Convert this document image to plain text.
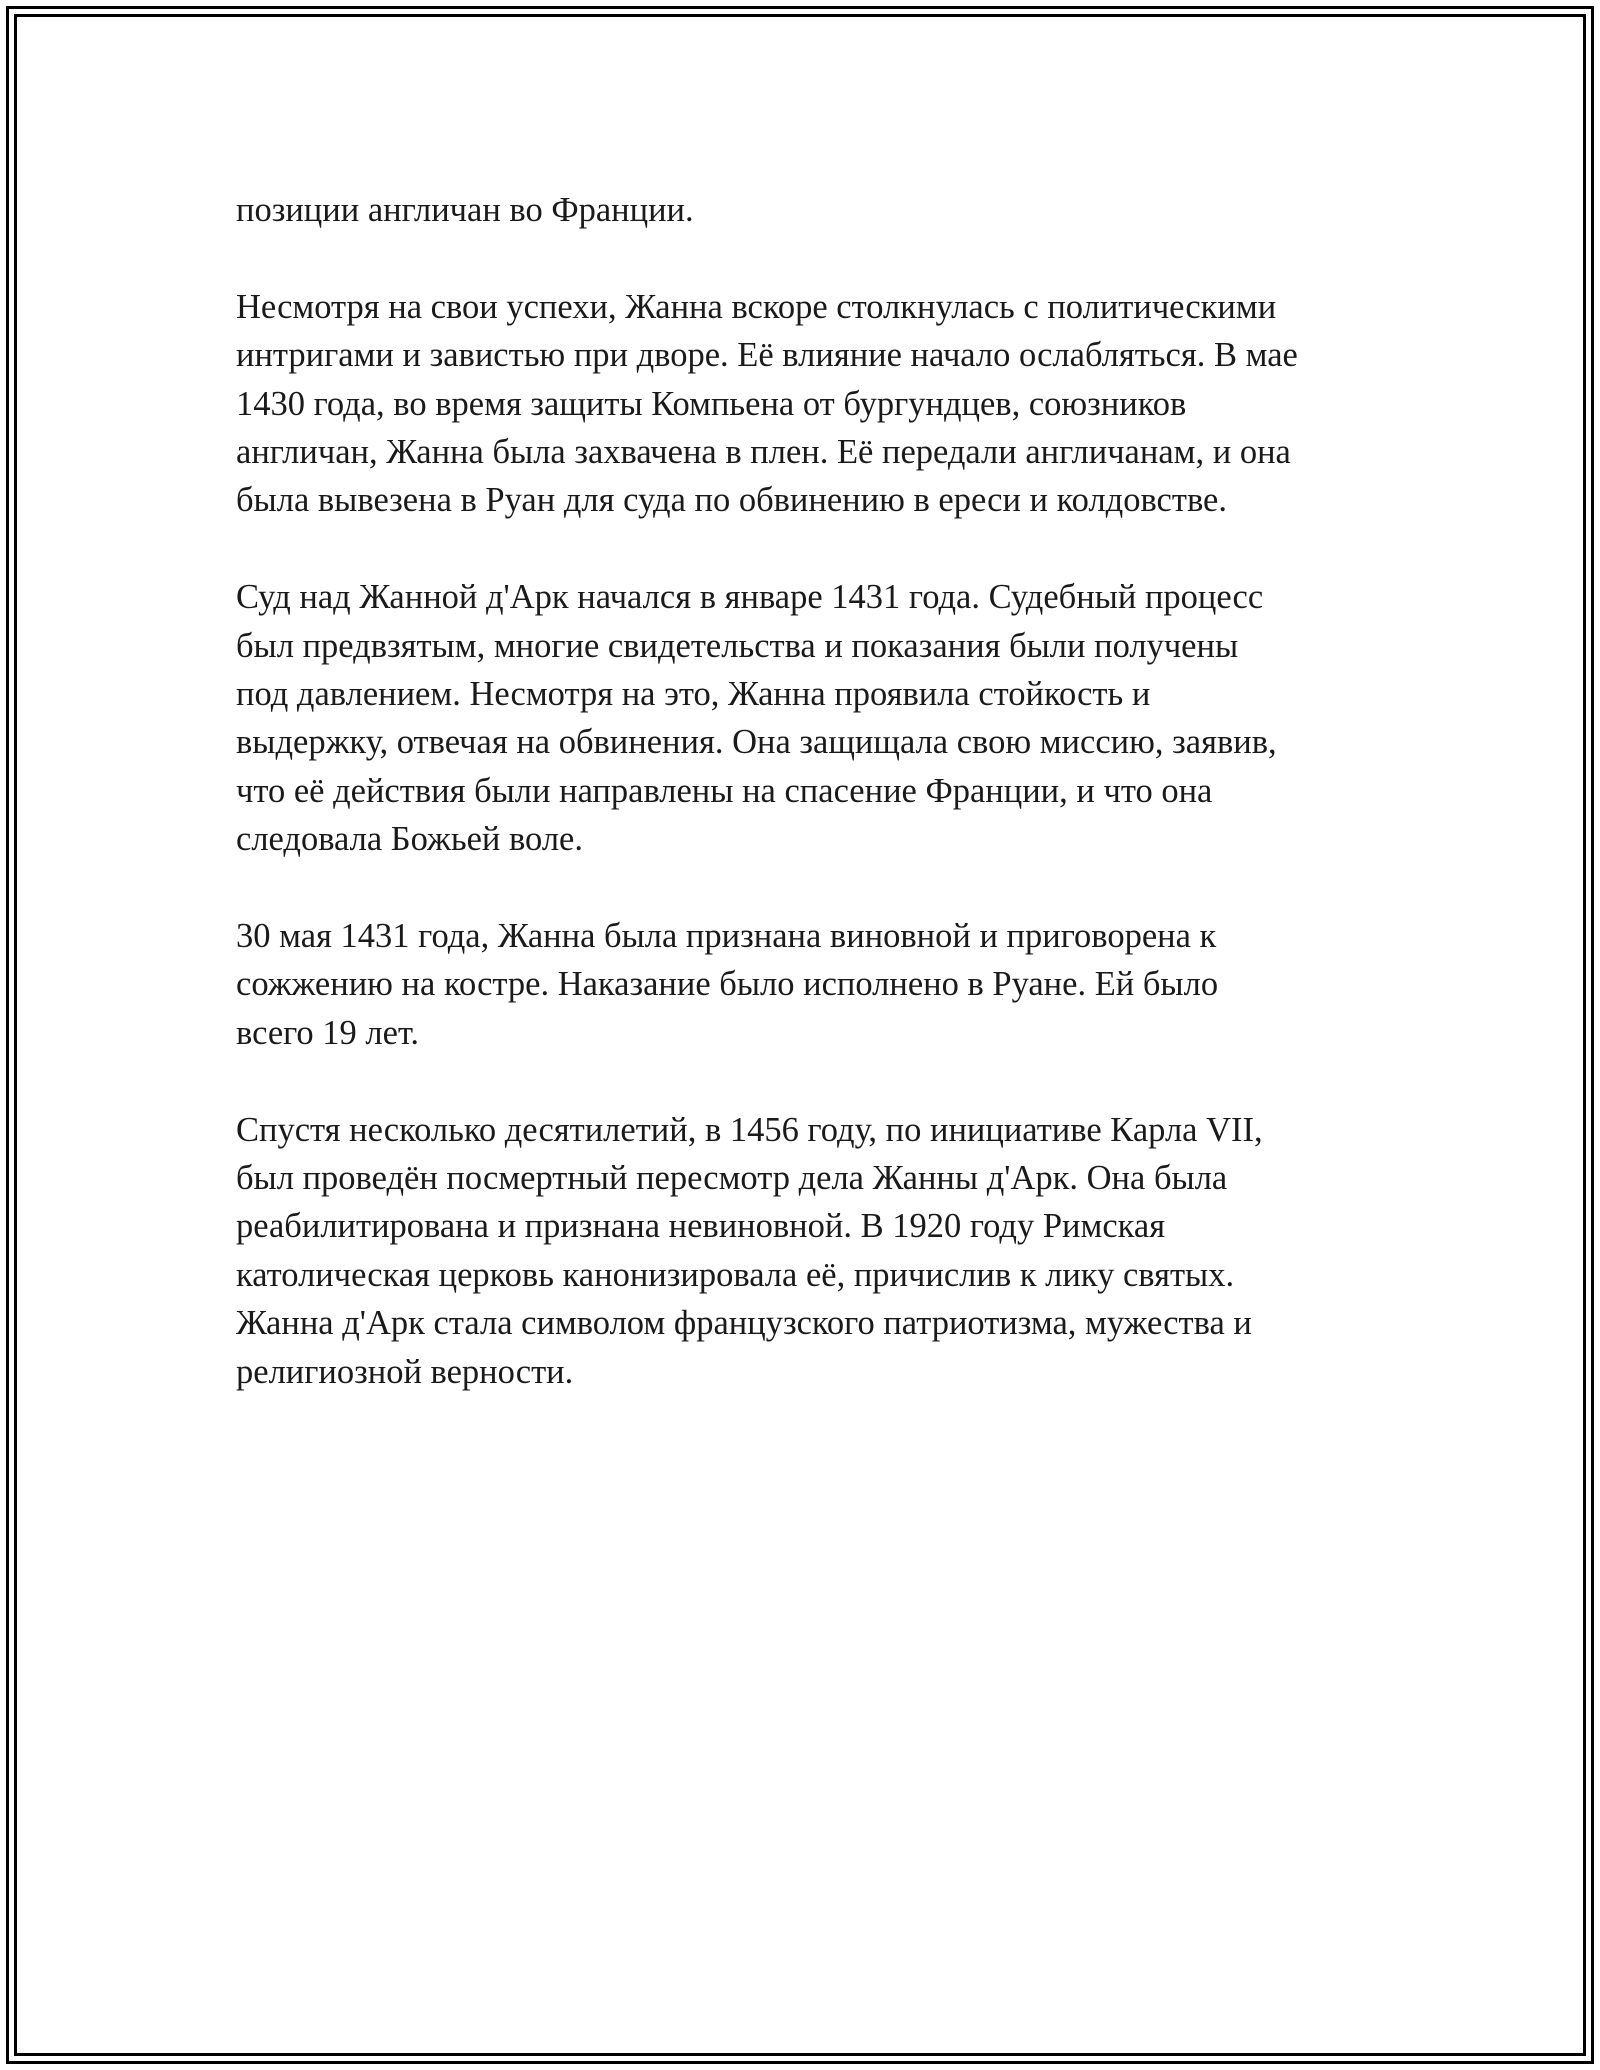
позиции англичан во Франции.

Несмотря на свои успехи, Жанна вскоре столкнулась с политическими
интригами и завистью при дворе. Её влияние начало ослабляться. В мае
1430 года, во время защиты Компьена от бургундцев, союзников
англичан, Жанна была захвачена в плен. Её передали англичанам, и она
была вывезена в Руан для суда по обвинению в ереси и колдовстве.

Суд над Жанной д'Арк начался в январе 1431 года. Судебный процесс
был предвзятым, многие свидетельства и показания были получены
под давлением. Несмотря на это, Жанна проявила стойкость и
выдержку, отвечая на обвинения. Она защищала свою миссию, заявив,
что её действия были направлены на спасение Франции, и что она
следовала Божьей воле.

30 мая 1431 года, Жанна была признана виновной и приговорена к
сожжению на костре. Наказание было исполнено в Руане. Ей было
всего 19 лет.

Спустя несколько десятилетий, в 1456 году, по инициативе Карла VII,
был проведён посмертный пересмотр дела Жанны д'Арк. Она была
реабилитирована и признана невиновной. В 1920 году Римская
католическая церковь канонизировала её, причислив к лику святых.
Жанна д'Арк стала символом французского патриотизма, мужества и
религиозной верности.
